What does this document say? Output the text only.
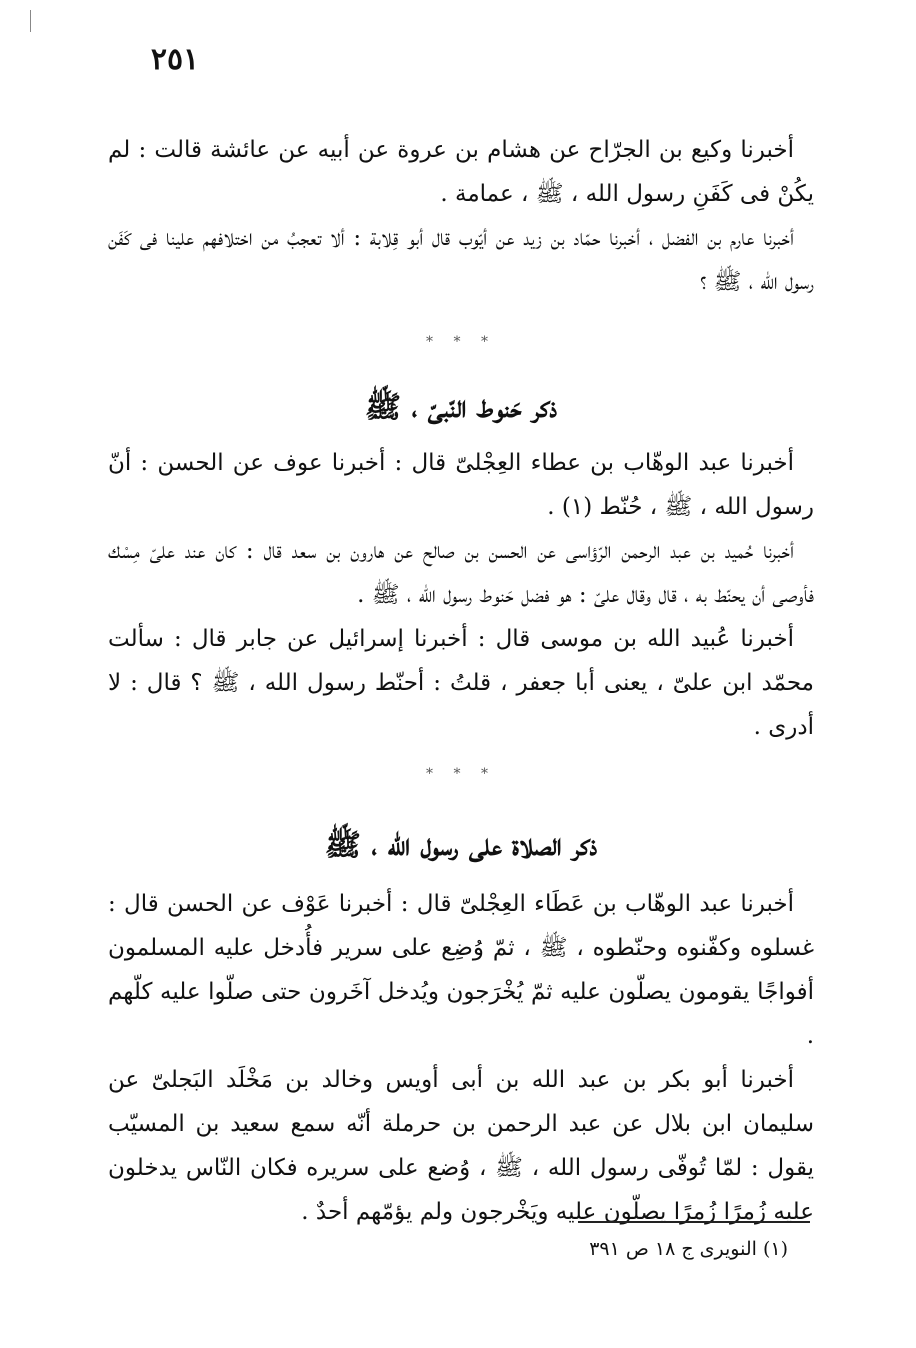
٢٥١

أخبرنا وكيع بن الجرّاح عن هشام بن عروة عن أبيه عن عائشة قالت : لم يكُنْ فى كَفَنِ رسول الله ، ﷺ ، عمامة .

أخبرنا عارم بن الفضل ، أخبرنا حمّاد بن زيد عن أيّوب قال أبو قِلابة : ألا تعجبُ من اختلافهم علينا فى كَفَن رسول الله ، ﷺ ؟

* * *
ذكر حَنوط النّبىّ ، ﷺ

أخبرنا عبد الوهّاب بن عطاء العِجْلىّ قال : أخبرنا عوف عن الحسن : أنّ رسول الله ، ﷺ ، حُنّط (١) .

أخبرنا حُميد بن عبد الرحمن الرّؤاسى عن الحسن بن صالح عن هارون بن سعد قال : كان عند علىّ مِسْك فأوصى أن يحنّط به ، قال وقال علىّ : هو فضل حَنوط رسول الله ، ﷺ .

أخبرنا عُبيد الله بن موسى قال : أخبرنا إسرائيل عن جابر قال : سألت محمّد ابن علىّ ، يعنى أبا جعفر ، قلتُ : أحنّط رسول الله ، ﷺ ؟ قال : لا أدرى .

* * *
ذكر الصلاة على رسول الله ، ﷺ

أخبرنا عبد الوهّاب بن عَطَاء العِجْلىّ قال : أخبرنا عَوْف عن الحسن قال : غسلوه وكفّنوه وحنّطوه ، ﷺ ، ثمّ وُضِع على سرير فأُدخل عليه المسلمون أفواجًا يقومون يصلّون عليه ثمّ يُخْرَجون ويُدخل آخَرون حتى صلّوا عليه كلّهم .

أخبرنا أبو بكر بن عبد الله بن أبى أويس وخالد بن مَخْلَد البَجلىّ عن سليمان ابن بلال عن عبد الرحمن بن حرملة أنّه سمع سعيد بن المسيّب يقول : لمّا تُوفّى رسول الله ، ﷺ ، وُضع على سريره فكان النّاس يدخلون عليه زُمرًا زُمرًا يصلّون عليه ويَخْرجون ولم يؤمّهم أحدٌ .

(١) النويرى ج ١٨ ص ٣٩١
